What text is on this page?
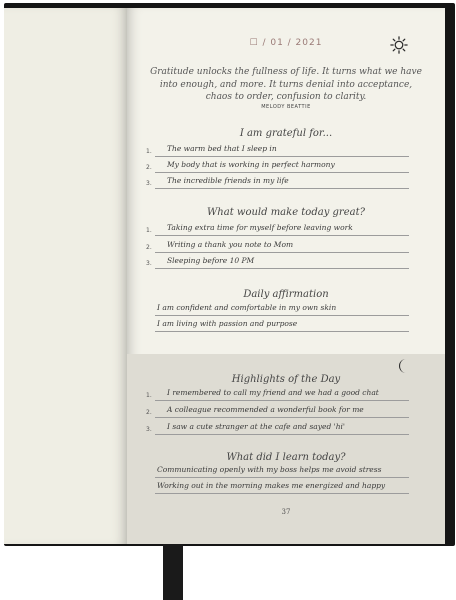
☐ / 01 / 2021
Gratitude unlocks the fullness of life. It turns what we have into enough, and more. It turns denial into acceptance, chaos to order, confusion to clarity.
MELODY BEATTIE
I am grateful for...
1. The warm bed that I sleep in
2. My body that is working in perfect harmony
3. The incredible friends in my life
What would make today great?
1. Taking extra time for myself before leaving work
2. Writing a thank you note to Mom
3. Sleeping before 10 PM
Daily affirmation
I am confident and comfortable in my own skin
I am living with passion and purpose
Highlights of the Day
1. I remembered to call my friend and we had a good chat
2. A colleague recommended a wonderful book for me
3. I saw a cute stranger at the cafe and sayed 'hi'
What did I learn today?
Communicating openly with my boss helps me avoid stress
Working out in the morning makes me energized and happy
37
